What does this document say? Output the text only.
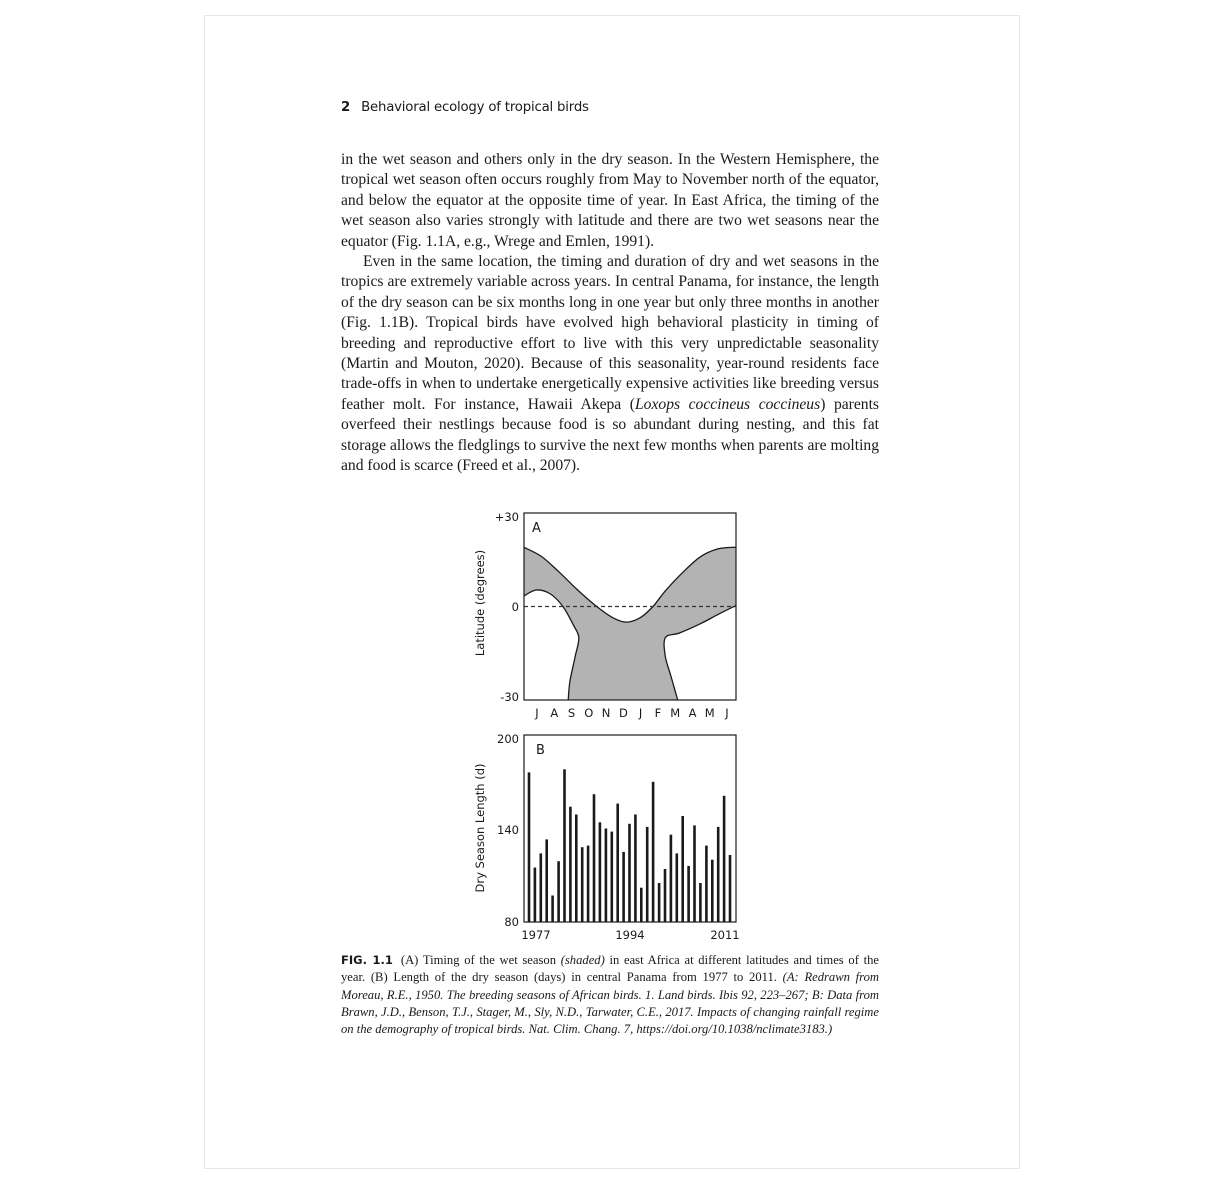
2 Behavioral ecology of tropical birds

in the wet season and others only in the dry season. In the Western Hemisphere, the tropical wet season often occurs roughly from May to November north of the equator, and below the equator at the opposite time of year. In East Africa, the timing of the wet season also varies strongly with latitude and there are two wet seasons near the equator (Fig. 1.1A, e.g., Wrege and Emlen, 1991).

Even in the same location, the timing and duration of dry and wet seasons in the tropics are extremely variable across years. In central Panama, for instance, the length of the dry season can be six months long in one year but only three months in another (Fig. 1.1B). Tropical birds have evolved high behavioral plasticity in timing of breeding and reproductive effort to live with this very unpredictable seasonality (Martin and Mouton, 2020). Because of this seasonality, year-round residents face trade-offs in when to undertake energetically expensive activities like breeding versus feather molt. For instance, Hawaii Akepa (Loxops coccineus coccineus) parents overfeed their nestlings because food is so abundant during nesting, and this fat storage allows the fledglings to survive the next few months when parents are molting and food is scarce (Freed et al., 2007).

Latitude (degrees)
+30
0
-30
A
J A S O N D J F M A M J
Dry Season Length (d)
200
140
80
B
1977	1994	2011
FIG. 1.1 (A) Timing of the wet season (shaded) in east Africa at different latitudes and times of the year. (B) Length of the dry season (days) in central Panama from 1977 to 2011. (A: Redrawn from Moreau, R.E., 1950. The breeding seasons of African birds. 1. Land birds. Ibis 92, 223–267; B: Data from Brawn, J.D., Benson, T.J., Stager, M., Sly, N.D., Tarwater, C.E., 2017. Impacts of changing rainfall regime on the demography of tropical birds. Nat. Clim. Chang. 7, https://doi.org/10.1038/nclimate3183.)
